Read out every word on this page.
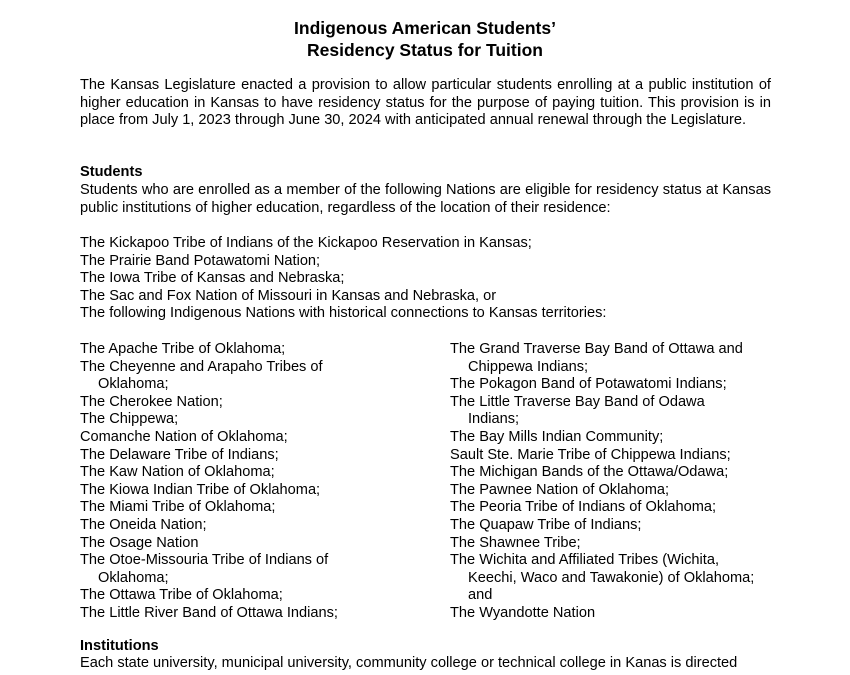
Indigenous American Students’
Residency Status for Tuition
The Kansas Legislature enacted a provision to allow particular students enrolling at a public institution of higher education in Kansas to have residency status for the purpose of paying tuition. This provision is in place from July 1, 2023 through June 30, 2024 with anticipated annual renewal through the Legislature.
Students
Students who are enrolled as a member of the following Nations are eligible for residency status at Kansas public institutions of higher education, regardless of the location of their residence:
The Kickapoo Tribe of Indians of the Kickapoo Reservation in Kansas;
The Prairie Band Potawatomi Nation;
The Iowa Tribe of Kansas and Nebraska;
The Sac and Fox Nation of Missouri in Kansas and Nebraska, or
The following Indigenous Nations with historical connections to Kansas territories:
The Apache Tribe of Oklahoma;
The Cheyenne and Arapaho Tribes of Oklahoma;
The Cherokee Nation;
The Chippewa;
Comanche Nation of Oklahoma;
The Delaware Tribe of Indians;
The Kaw Nation of Oklahoma;
The Kiowa Indian Tribe of Oklahoma;
The Miami Tribe of Oklahoma;
The Oneida Nation;
The Osage Nation
The Otoe-Missouria Tribe of Indians of Oklahoma;
The Ottawa Tribe of Oklahoma;
The Little River Band of Ottawa Indians;
The Grand Traverse Bay Band of Ottawa and Chippewa Indians;
The Pokagon Band of Potawatomi Indians;
The Little Traverse Bay Band of Odawa Indians;
The Bay Mills Indian Community;
Sault Ste. Marie Tribe of Chippewa Indians;
The Michigan Bands of the Ottawa/Odawa;
The Pawnee Nation of Oklahoma;
The Peoria Tribe of Indians of Oklahoma;
The Quapaw Tribe of Indians;
The Shawnee Tribe;
The Wichita and Affiliated Tribes (Wichita, Keechi, Waco and Tawakonie) of Oklahoma; and
The Wyandotte Nation
Institutions
Each state university, municipal university, community college or technical college in Kanas is directed
